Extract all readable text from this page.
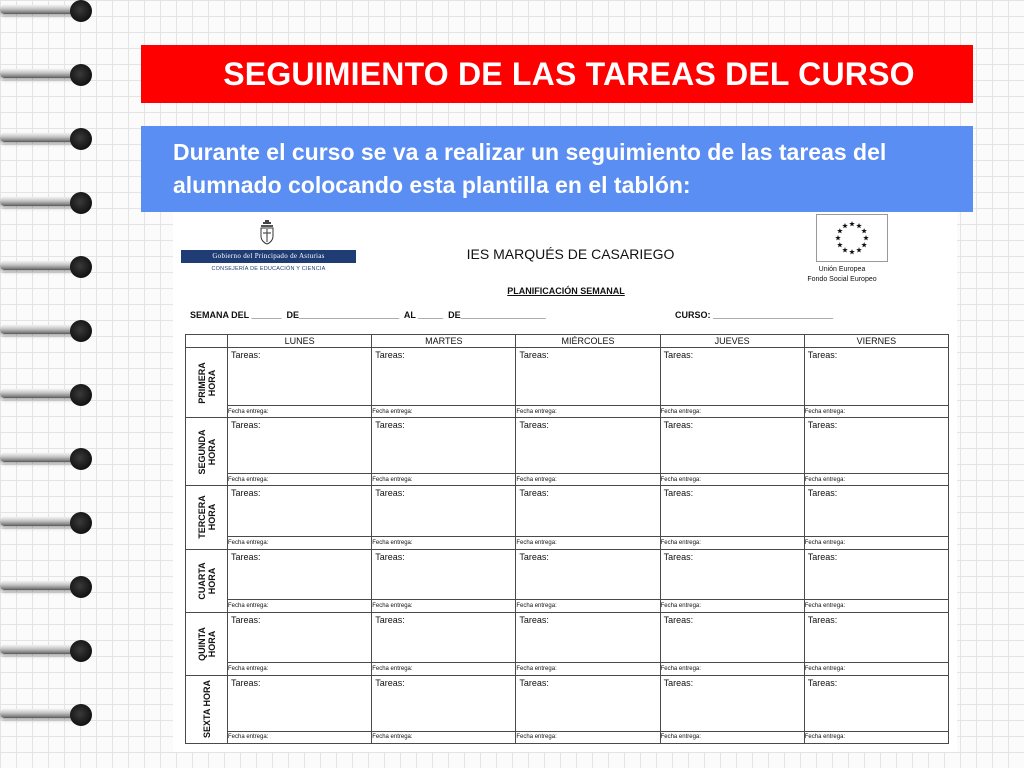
SEGUIMIENTO DE LAS TAREAS DEL CURSO
Durante el curso se va a realizar un seguimiento de las tareas del alumnado colocando esta plantilla en el tablón:
Gobierno del Principado de Asturias
CONSEJERÍA DE EDUCACIÓN Y CIENCIA
IES MARQUÉS DE CASARIEGO
PLANIFICACIÓN SEMANAL
Unión Europea
Fondo Social Europeo
SEMANA DEL ______  DE____________________  AL _____  DE_________________	CURSO: ________________________
	LUNES	MARTES	MIÉRCOLES	JUEVES	VIERNES

PRIMERA HORA	Tareas:	Tareas:	Tareas:	Tareas:	Tareas:

	Fecha entrega:	Fecha entrega:	Fecha entrega:	Fecha entrega:	Fecha entrega:

SEGUNDA HORA	Tareas:	Tareas:	Tareas:	Tareas:	Tareas:

	Fecha entrega:	Fecha entrega:	Fecha entrega:	Fecha entrega:	Fecha entrega:

TERCERA HORA	Tareas:	Tareas:	Tareas:	Tareas:	Tareas:

	Fecha entrega:	Fecha entrega:	Fecha entrega:	Fecha entrega:	Fecha entrega:

CUARTA HORA	Tareas:	Tareas:	Tareas:	Tareas:	Tareas:

	Fecha entrega:	Fecha entrega:	Fecha entrega:	Fecha entrega:	Fecha entrega:

QUINTA HORA	Tareas:	Tareas:	Tareas:	Tareas:	Tareas:

	Fecha entrega:	Fecha entrega:	Fecha entrega:	Fecha entrega:	Fecha entrega:

SEXTA HORA	Tareas:	Tareas:	Tareas:	Tareas:	Tareas:

	Fecha entrega:	Fecha entrega:	Fecha entrega:	Fecha entrega:	Fecha entrega:
